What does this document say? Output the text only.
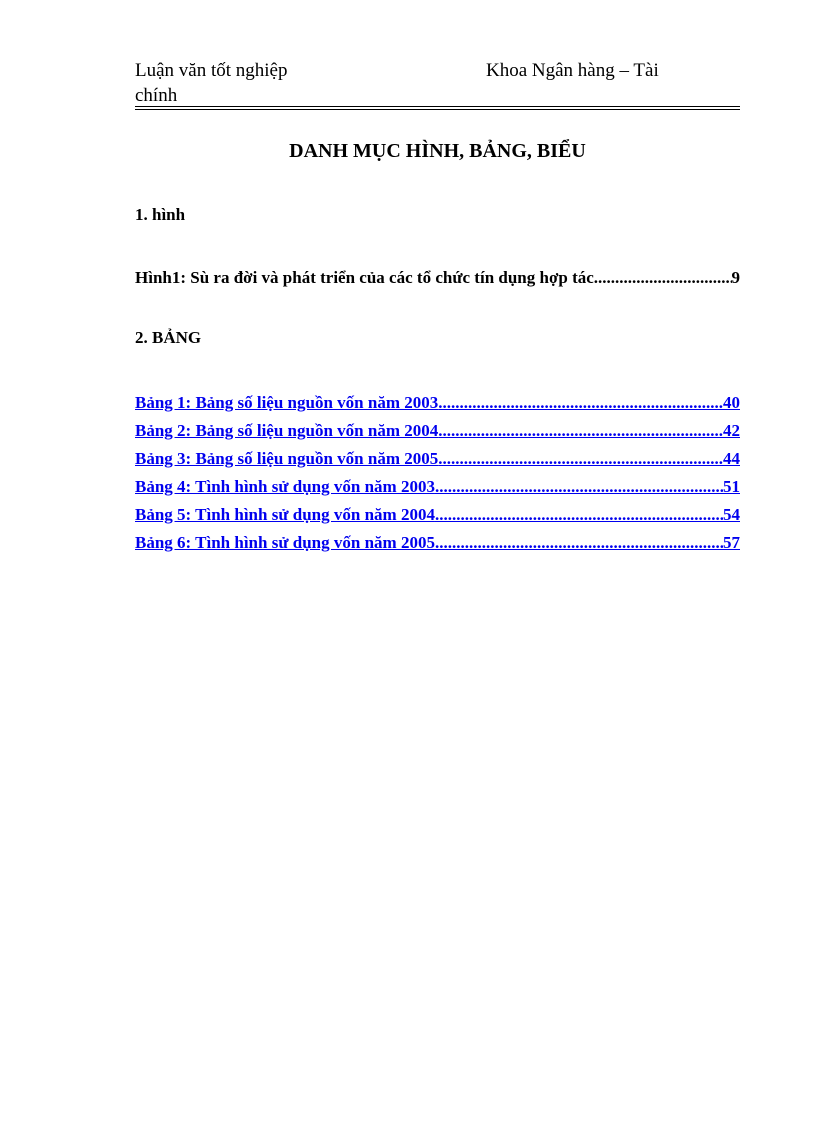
Luận văn tốt nghiệp	Khoa Ngân hàng – Tài
chính
DANH MỤC HÌNH, BẢNG, BIỂU
1. hình
Hình1: Sù ra đời và phát triển của các tổ chức tín dụng hợp tác .....	9
2. BẢNG
Bảng 1: Bảng số liệu nguồn vốn năm 2003 .....	40
Bảng 2: Bảng số liệu nguồn vốn năm 2004 .....	42
Bảng 3: Bảng số liệu nguồn vốn năm 2005 .....	44
Bảng 4: Tình hình sử dụng vốn năm 2003 .....	51
Bảng 5: Tình hình sử dụng vốn năm 2004 .....	54
Bảng 6: Tình hình sử dụng vốn năm 2005 .....	57
